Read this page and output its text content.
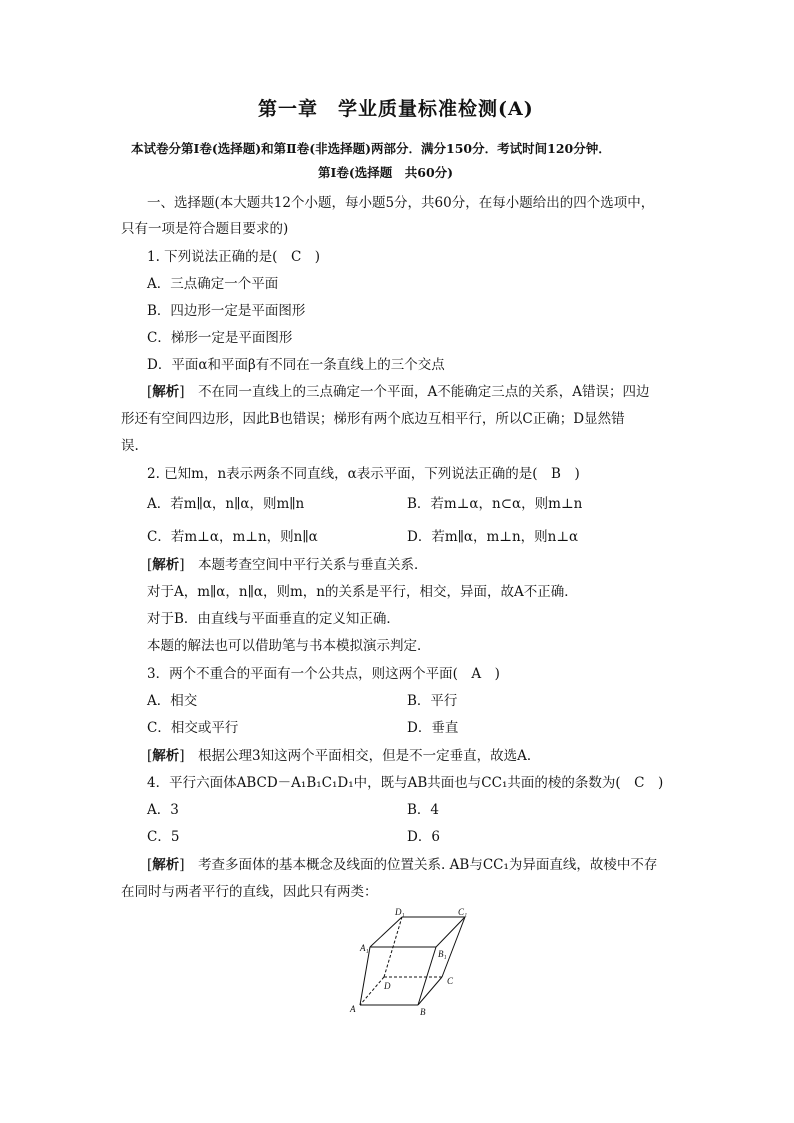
第一章　学业质量标准检测(A)
本试卷分第Ⅰ卷(选择题)和第Ⅱ卷(非选择题)两部分．满分150分．考试时间120分钟．
第Ⅰ卷(选择题　共60分)
一、选择题(本大题共12个小题，每小题5分，共60分，在每小题给出的四个选项中，
只有一项是符合题目要求的)
1. 下列说法正确的是(　C　)
A．三点确定一个平面
B．四边形一定是平面图形
C．梯形一定是平面图形
D．平面α和平面β有不同在一条直线上的三个交点
[ 解析 ]　 不在同一直线上的三点确定一个平面，A不能确定三点的关系，A错误；四边
形还有空间四边形，因此B也错误；梯形有两个底边互相平行，所以C正确；D显然错
误.
2. 已知m，n表示两条不同直线，α表示平面，下列说法正确的是(　B　)
A．若m∥α，n∥α，则m∥n	B．若m⊥α，n⊂α，则m⊥n
C．若m⊥α，m⊥n，则n∥α	D．若m∥α，m⊥n，则n⊥α
[ 解析 ]　 本题考查空间中平行关系与垂直关系．
对于A，m∥α，n∥α，则m，n的关系是平行，相交，异面，故A不正确．
对于B．由直线与平面垂直的定义知正确．
本题的解法也可以借助笔与书本模拟演示判定．
3．两个不重合的平面有一个公共点，则这两个平面(　A　)
A．相交	B．平行
C．相交或平行	D．垂直
[ 解析 ]　 根据公理3知这两个平面相交，但是不一定垂直，故选A．
4．平行六面体ABCD－A₁B₁C₁D₁中，既与AB共面也与CC₁共面的棱的条数为(　C　)
A．3	B．4
C．5	D．6
[ 解析 ]　 考查多面体的基本概念及线面的位置关系. AB与CC₁为异面直线，故棱中不存
在同时与两者平行的直线，因此只有两类：
A	B
C
D
A₁
B₁
C₁
D₁
